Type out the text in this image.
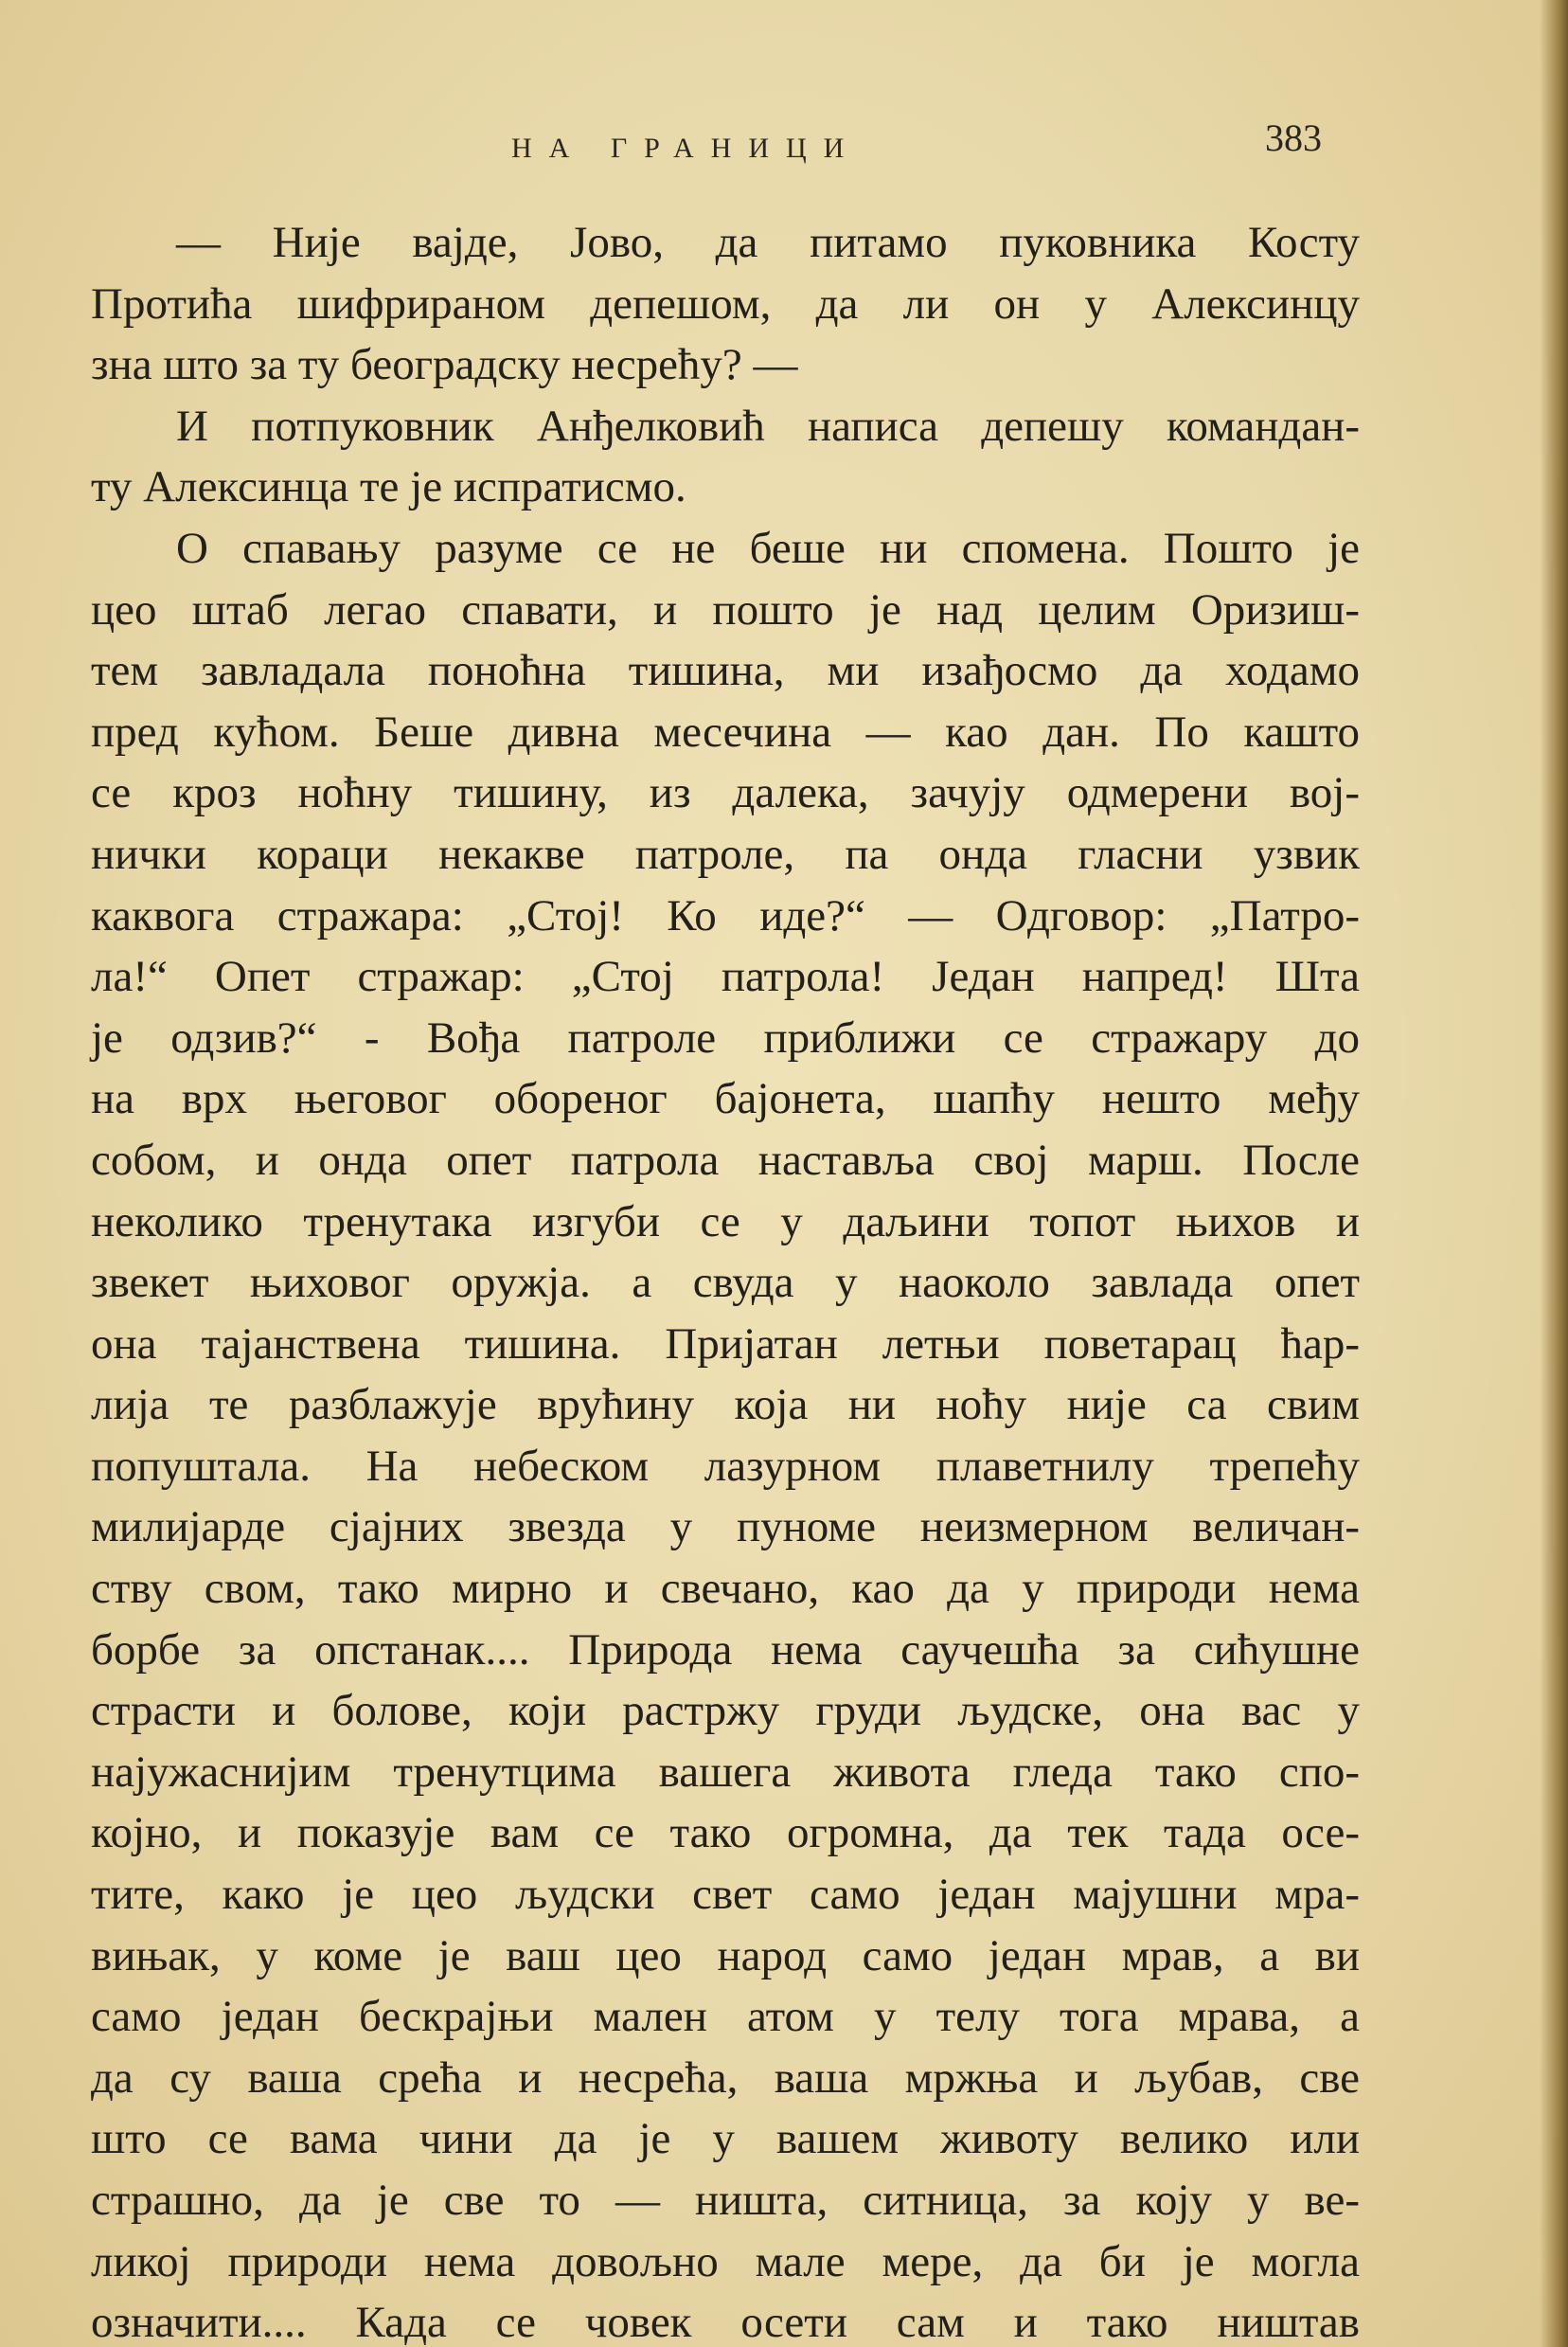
НА ГРАНИЦИ	383
— Није вајде, Јово, да питамо пуковника Косту
Протића шифрираном депешом, да ли он у Алексинцу
зна што за ту београдску несрећу? —
И потпуковник Анђелковић написа депешу командан-
ту Алексинца те је испратисмо.
О спавању разуме се не беше ни спомена. Пошто је
цео штаб легао спавати, и пошто је над целим Оризиш-
тем завладала поноћна тишина, ми изађосмо да ходамо
пред кућом. Беше дивна месечина — као дан. По кашто
се кроз ноћну тишину, из далека, зачују одмерени вој-
нички кораци некакве патроле, па онда гласни узвик
каквога стражара: „Стој! Ко иде?“ — Одговор: „Патро-
ла!“ Опет стражар: „Стој патрола! Један напред! Шта
је одзив?“ - Вођа патроле приближи се стражару до
на врх његовог обореног бајонета, шапћу нешто међу
собом, и онда опет патрола наставља свој марш. После
неколико тренутака изгуби се у даљини топот њихов и
звекет њиховог оружја. а свуда у наоколо завлада опет
она тајанствена тишина. Пријатан летњи поветарац ћар-
лија те разблажује врућину која ни ноћу није са свим
попуштала. На небеском лазурном плаветнилу трепећу
милијарде сјајних звезда у пуноме неизмерном величан-
ству свом, тако мирно и свечано, као да у природи нема
борбе за опстанак.... Природа нема саучешћа за сићушне
страсти и болове, који растржу груди људске, она вас у
најужаснијим тренутцима вашега живота гледа тако спо-
којно, и показује вам се тако огромна, да тек тада осе-
тите, како је цео људски свет само један мајушни мра-
вињак, у коме је ваш цео народ само један мрав, а ви
само један бескрајњи мален атом у телу тога мрава, а
да су ваша срећа и несрећа, ваша мржња и љубав, све
што се вама чини да је у вашем животу велико или
страшно, да је све то — ништа, ситница, за коју у ве-
ликој природи нема довољно мале мере, да би је могла
означити.... Када се човек осети сам и тако ништав
